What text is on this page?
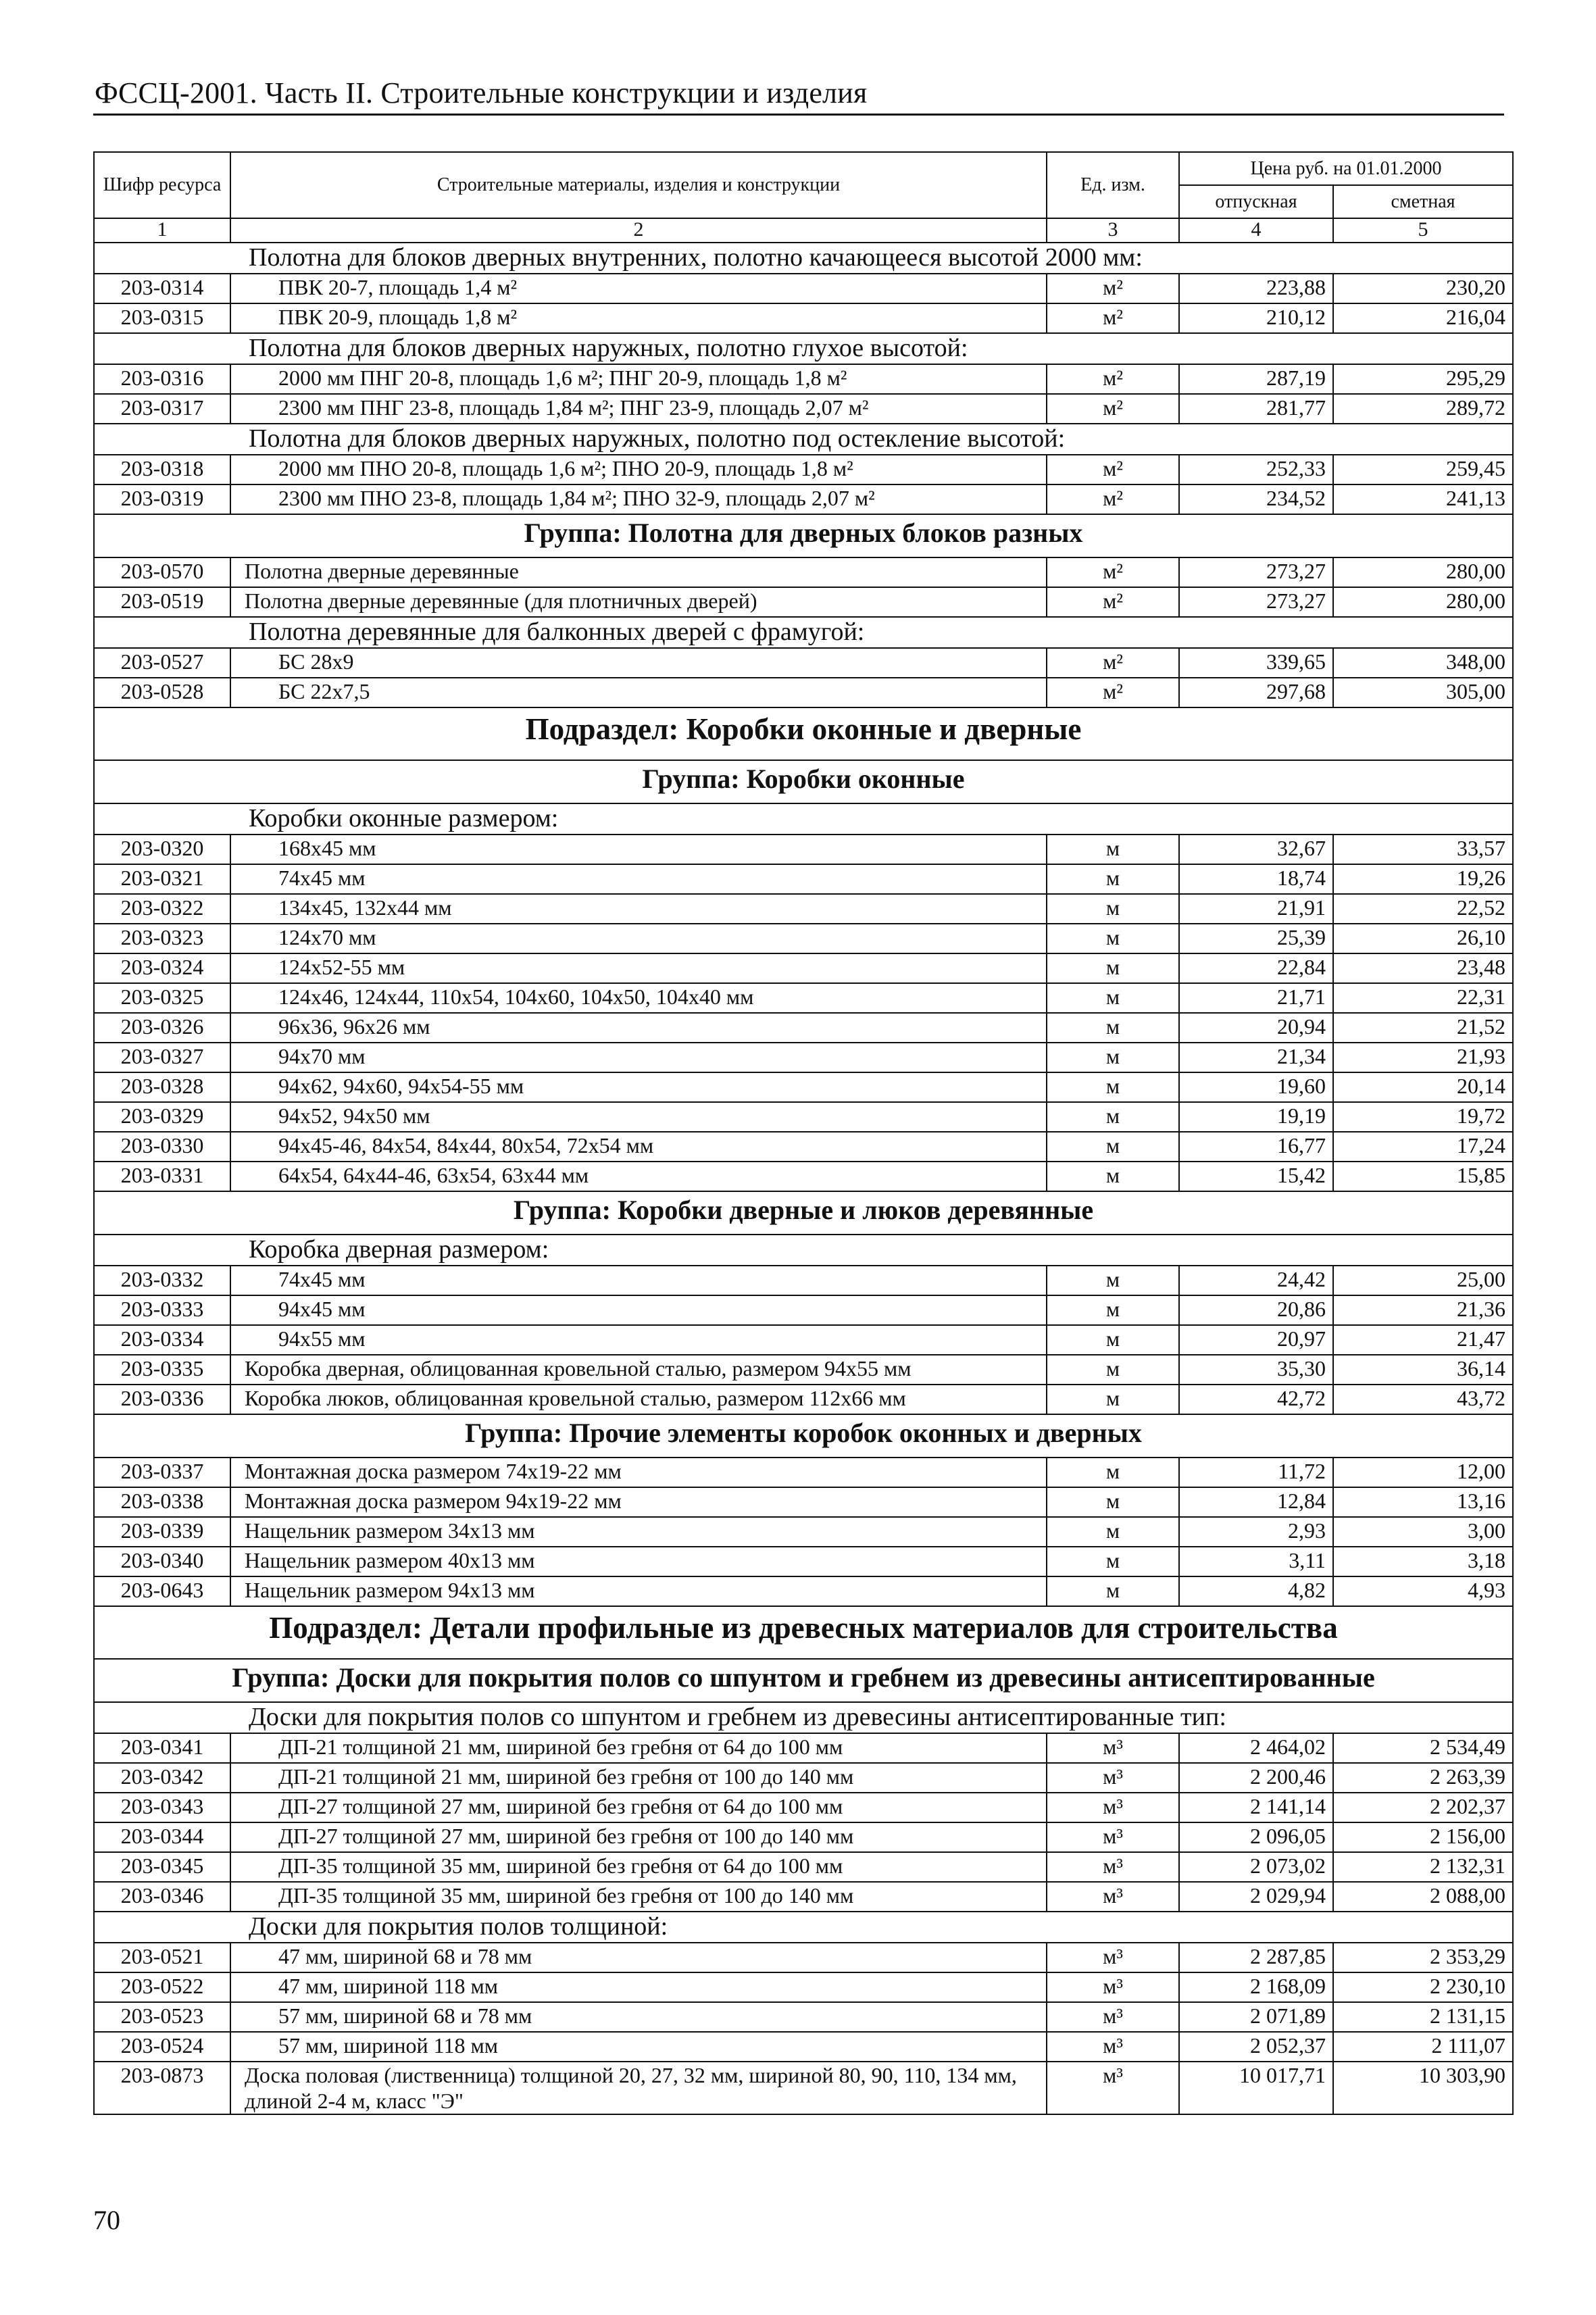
ФССЦ-2001. Часть II. Строительные конструкции и изделия
Шифр ресурса	Строительные материалы, изделия и конструкции	Ед. изм.	Цена руб. на 01.01.2000	
			отпускная	сметная
1	2	3	4	5
Полотна для блоков дверных внутренних, полотно качающееся высотой 2000 мм:				
203-0314	ПВК 20-7, площадь 1,4 м²	м²	223,88	230,20
203-0315	ПВК 20-9, площадь 1,8 м²	м²	210,12	216,04
Полотна для блоков дверных наружных, полотно глухое высотой:				
203-0316	2000 мм ПНГ 20-8, площадь 1,6 м²; ПНГ 20-9, площадь 1,8 м²	м²	287,19	295,29
203-0317	2300 мм ПНГ 23-8, площадь 1,84 м²; ПНГ 23-9, площадь 2,07 м²	м²	281,77	289,72
Полотна для блоков дверных наружных, полотно под остекление высотой:				
203-0318	2000 мм ПНО 20-8, площадь 1,6 м²; ПНО 20-9, площадь 1,8 м²	м²	252,33	259,45
203-0319	2300 мм ПНО 23-8, площадь 1,84 м²; ПНО 32-9, площадь 2,07 м²	м²	234,52	241,13
Группа: Полотна для дверных блоков разных				
203-0570	Полотна дверные деревянные	м²	273,27	280,00
203-0519	Полотна дверные деревянные (для плотничных дверей)	м²	273,27	280,00
Полотна деревянные для балконных дверей с фрамугой:				
203-0527	БС 28х9	м²	339,65	348,00
203-0528	БС 22х7,5	м²	297,68	305,00
Подраздел: Коробки оконные и дверные				
Группа: Коробки оконные				
Коробки оконные размером:				
203-0320	168х45 мм	м	32,67	33,57
203-0321	74х45 мм	м	18,74	19,26
203-0322	134х45, 132х44 мм	м	21,91	22,52
203-0323	124х70 мм	м	25,39	26,10
203-0324	124х52-55 мм	м	22,84	23,48
203-0325	124х46, 124х44, 110х54, 104х60, 104х50, 104х40 мм	м	21,71	22,31
203-0326	96х36, 96х26 мм	м	20,94	21,52
203-0327	94х70 мм	м	21,34	21,93
203-0328	94х62, 94х60, 94х54-55 мм	м	19,60	20,14
203-0329	94х52, 94х50 мм	м	19,19	19,72
203-0330	94х45-46, 84х54, 84х44, 80х54, 72х54 мм	м	16,77	17,24
203-0331	64х54, 64х44-46, 63х54, 63х44 мм	м	15,42	15,85
Группа: Коробки дверные и люков деревянные				
Коробка дверная размером:				
203-0332	74х45 мм	м	24,42	25,00
203-0333	94х45 мм	м	20,86	21,36
203-0334	94х55 мм	м	20,97	21,47
203-0335	Коробка дверная, облицованная кровельной сталью, размером 94х55 мм	м	35,30	36,14
203-0336	Коробка люков, облицованная кровельной сталью, размером 112х66 мм	м	42,72	43,72
Группа: Прочие элементы коробок оконных и дверных				
203-0337	Монтажная доска размером 74х19-22 мм	м	11,72	12,00
203-0338	Монтажная доска размером 94х19-22 мм	м	12,84	13,16
203-0339	Нащельник размером 34х13 мм	м	2,93	3,00
203-0340	Нащельник размером 40х13 мм	м	3,11	3,18
203-0643	Нащельник размером 94х13 мм	м	4,82	4,93
Подраздел: Детали профильные из древесных материалов для строительства				
Группа: Доски для покрытия полов со шпунтом и гребнем из древесины антисептированные				
Доски для покрытия полов со шпунтом и гребнем из древесины антисептированные тип:				
203-0341	ДП-21 толщиной 21 мм, шириной без гребня от 64 до 100 мм	м³	2 464,02	2 534,49
203-0342	ДП-21 толщиной 21 мм, шириной без гребня от 100 до 140 мм	м³	2 200,46	2 263,39
203-0343	ДП-27 толщиной 27 мм, шириной без гребня от 64 до 100 мм	м³	2 141,14	2 202,37
203-0344	ДП-27 толщиной 27 мм, шириной без гребня от 100 до 140 мм	м³	2 096,05	2 156,00
203-0345	ДП-35 толщиной 35 мм, шириной без гребня от 64 до 100 мм	м³	2 073,02	2 132,31
203-0346	ДП-35 толщиной 35 мм, шириной без гребня от 100 до 140 мм	м³	2 029,94	2 088,00
Доски для покрытия полов толщиной:				
203-0521	47 мм, шириной 68 и 78 мм	м³	2 287,85	2 353,29
203-0522	47 мм, шириной 118 мм	м³	2 168,09	2 230,10
203-0523	57 мм, шириной 68 и 78 мм	м³	2 071,89	2 131,15
203-0524	57 мм, шириной 118 мм	м³	2 052,37	2 111,07
203-0873	Доска половая (лиственница) толщиной 20, 27, 32 мм, шириной 80, 90, 110, 134 мм, длиной 2-4 м, класс "Э"	м³	10 017,71	10 303,90
70
